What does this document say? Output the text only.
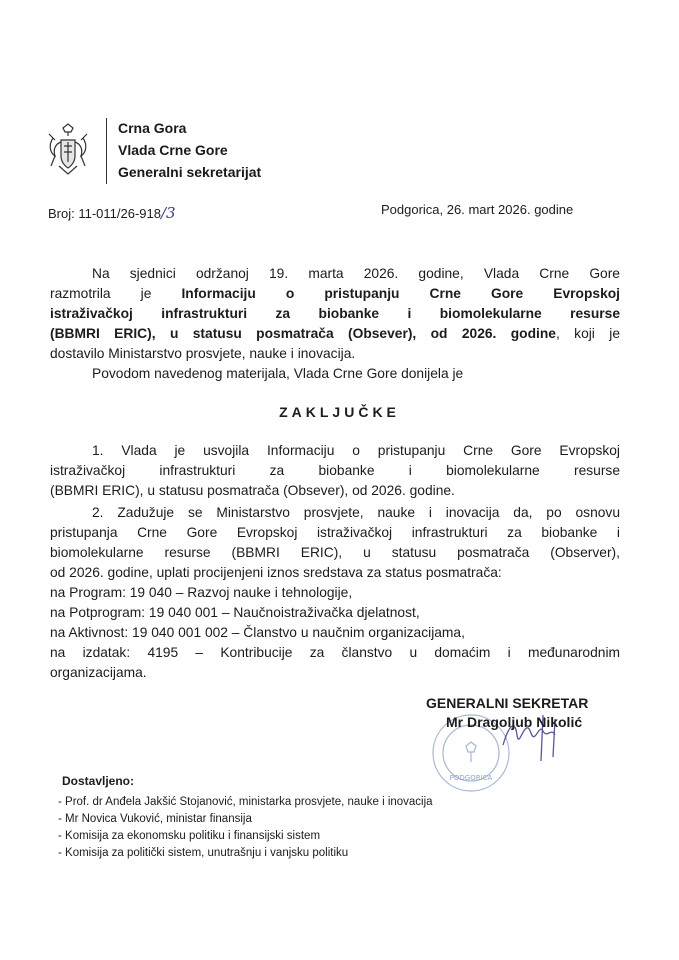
Crna Gora
Vlada Crne Gore
Generalni sekretarijat
Broj: 11-011/26-918/3	Podgorica, 26. mart 2026. godine
Na sjednici održanoj 19. marta 2026. godine, Vlada Crne Gore
razmotrila je Informaciju o pristupanju Crne Gore Evropskoj
istraživačkoj infrastrukturi za biobanke i biomolekularne resurse
(BBMRI ERIC), u statusu posmatrača (Obsever), od 2026. godine, koji je
dostavilo Ministarstvo prosvjete, nauke i inovacija.
Povodom navedenog materijala, Vlada Crne Gore donijela je
ZAKLJUČKE
1. Vlada je usvojila Informaciju o pristupanju Crne Gore Evropskoj
istraživačkoj infrastrukturi za biobanke i biomolekularne resurse
(BBMRI ERIC), u statusu posmatrača (Obsever), od 2026. godine.
2. Zadužuje se Ministarstvo prosvjete, nauke i inovacija da, po osnovu
pristupanja Crne Gore Evropskoj istraživačkoj infrastrukturi za biobanke i
biomolekularne resurse (BBMRI ERIC), u statusu posmatrača (Observer),
od 2026. godine, uplati procijenjeni iznos sredstava za status posmatrača:
na Program: 19 040 – Razvoj nauke i tehnologije,
na Potprogram: 19 040 001 – Naučnoistraživačka djelatnost,
na Aktivnost: 19 040 001 002 – Članstvo u naučnim organizacijama,
na izdatak: 4195 – Kontribucije za članstvo u domaćim i međunarodnim
organizacijama.
PODGORICA
GENERALNI SEKRETAR
Mr Dragoljub Nikolić
Dostavljeno:
- Prof. dr Anđela Jakšić Stojanović, ministarka prosvjete, nauke i inovacija
- Mr Novica Vuković, ministar finansija
- Komisija za ekonomsku politiku i finansijski sistem
- Komisija za politički sistem, unutrašnju i vanjsku politiku
